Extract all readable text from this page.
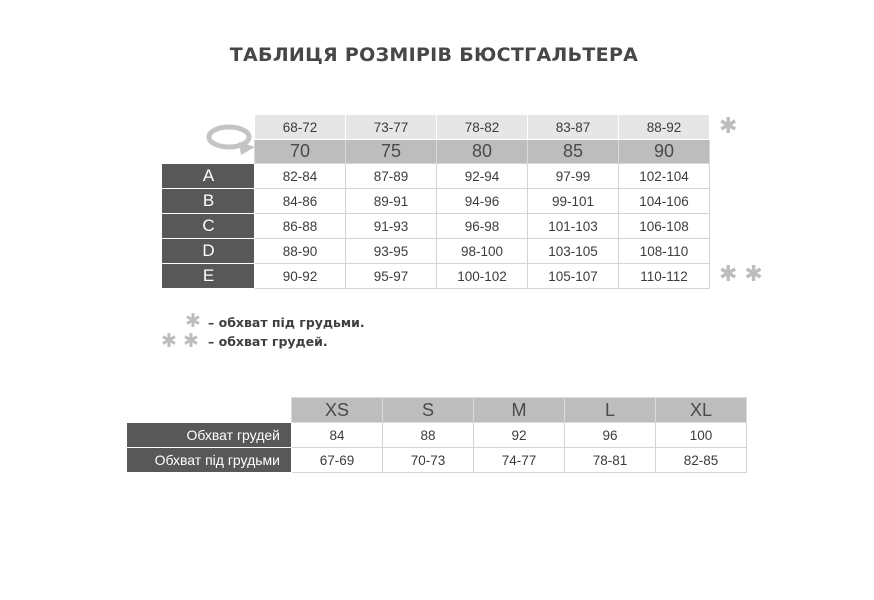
ТАБЛИЦЯ РОЗМІРІВ БЮСТГАЛЬТЕРА
	68-72	73-77	78-82	83-87	88-92
	70	75	80	85	90
A	82-84	87-89	92-94	97-99	102-104
B	84-86	89-91	94-96	99-101	104-106
C	86-88	91-93	96-98	101-103	106-108
D	88-90	93-95	98-100	103-105	108-110
E	90-92	95-97	100-102	105-107	110-112
✱
✱ ✱
✱ – обхват під грудьми.
✱ ✱ – обхват грудей.
	XS	S	M	L	XL
Обхват грудей	84	88	92	96	100
Обхват під грудьми	67-69	70-73	74-77	78-81	82-85
